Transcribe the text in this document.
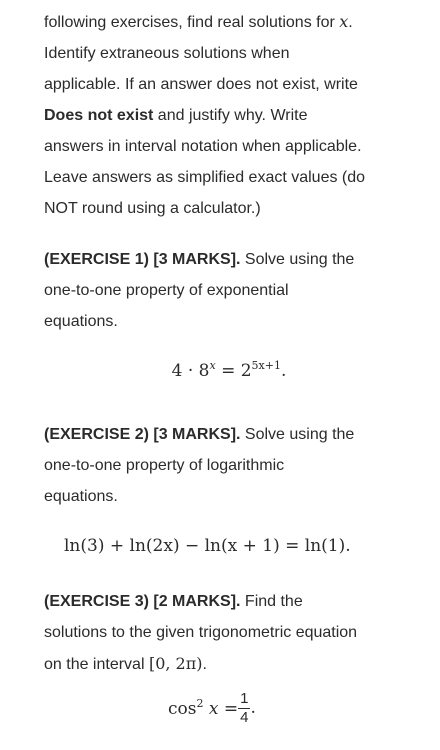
following exercises, find real solutions for x.
Identify extraneous solutions when
applicable. If an answer does not exist, write
Does not exist and justify why. Write
answers in interval notation when applicable.
Leave answers as simplified exact values (do
NOT round using a calculator.)

(EXERCISE 1) [3 MARKS]. Solve using the
one-to-one property of exponential
equations.

$4 \cdot 8^x = 2^{5x+1}$.

(EXERCISE 2) [3 MARKS]. Solve using the
one-to-one property of logarithmic
equations.

ln(3) + ln(2x) − ln(x + 1) = ln(1).

(EXERCISE 3) [2 MARKS]. Find the
solutions to the given trigonometric equation
on the interval [0, 2π).

$\cos^2 x = \frac{1}{4}$ .
